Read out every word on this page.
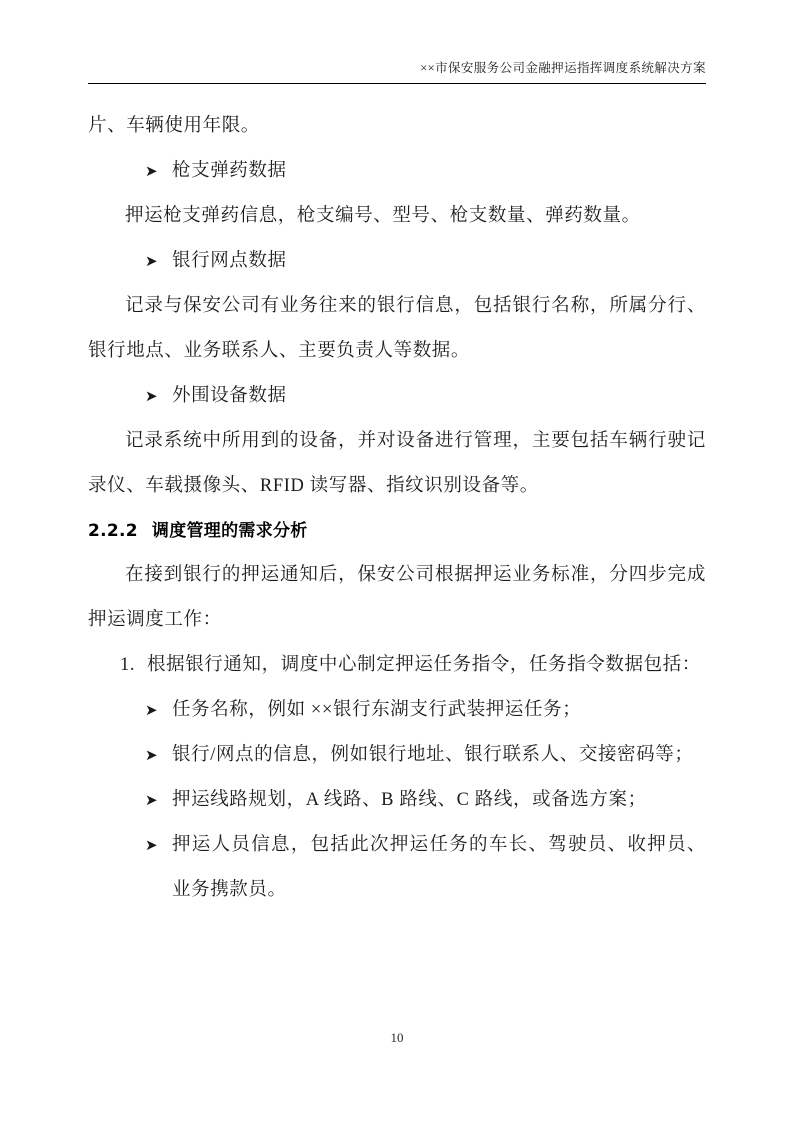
××市保安服务公司金融押运指挥调度系统解决方案

片、车辆使用年限。

➤ 枪支弹药数据

押运枪支弹药信息，枪支编号、型号、枪支数量、弹药数量。

➤ 银行网点数据

记录与保安公司有业务往来的银行信息，包括银行名称，所属分行、银行地点、业务联系人、主要负责人等数据。

➤ 外围设备数据

记录系统中所用到的设备，并对设备进行管理，主要包括车辆行驶记录仪、车载摄像头、RFID 读写器、指纹识别设备等。

2.2.2 调度管理的需求分析

在接到银行的押运通知后，保安公司根据押运业务标准，分四步完成押运调度工作：

1. 根据银行通知，调度中心制定押运任务指令，任务指令数据包括：

➤ 任务名称，例如 ××银行东湖支行武装押运任务；

➤ 银行/网点的信息，例如银行地址、银行联系人、交接密码等；

➤ 押运线路规划，A 线路、B 路线、C 路线，或备选方案；

➤ 押运人员信息，包括此次押运任务的车长、驾驶员、收押员、业务携款员。

10
